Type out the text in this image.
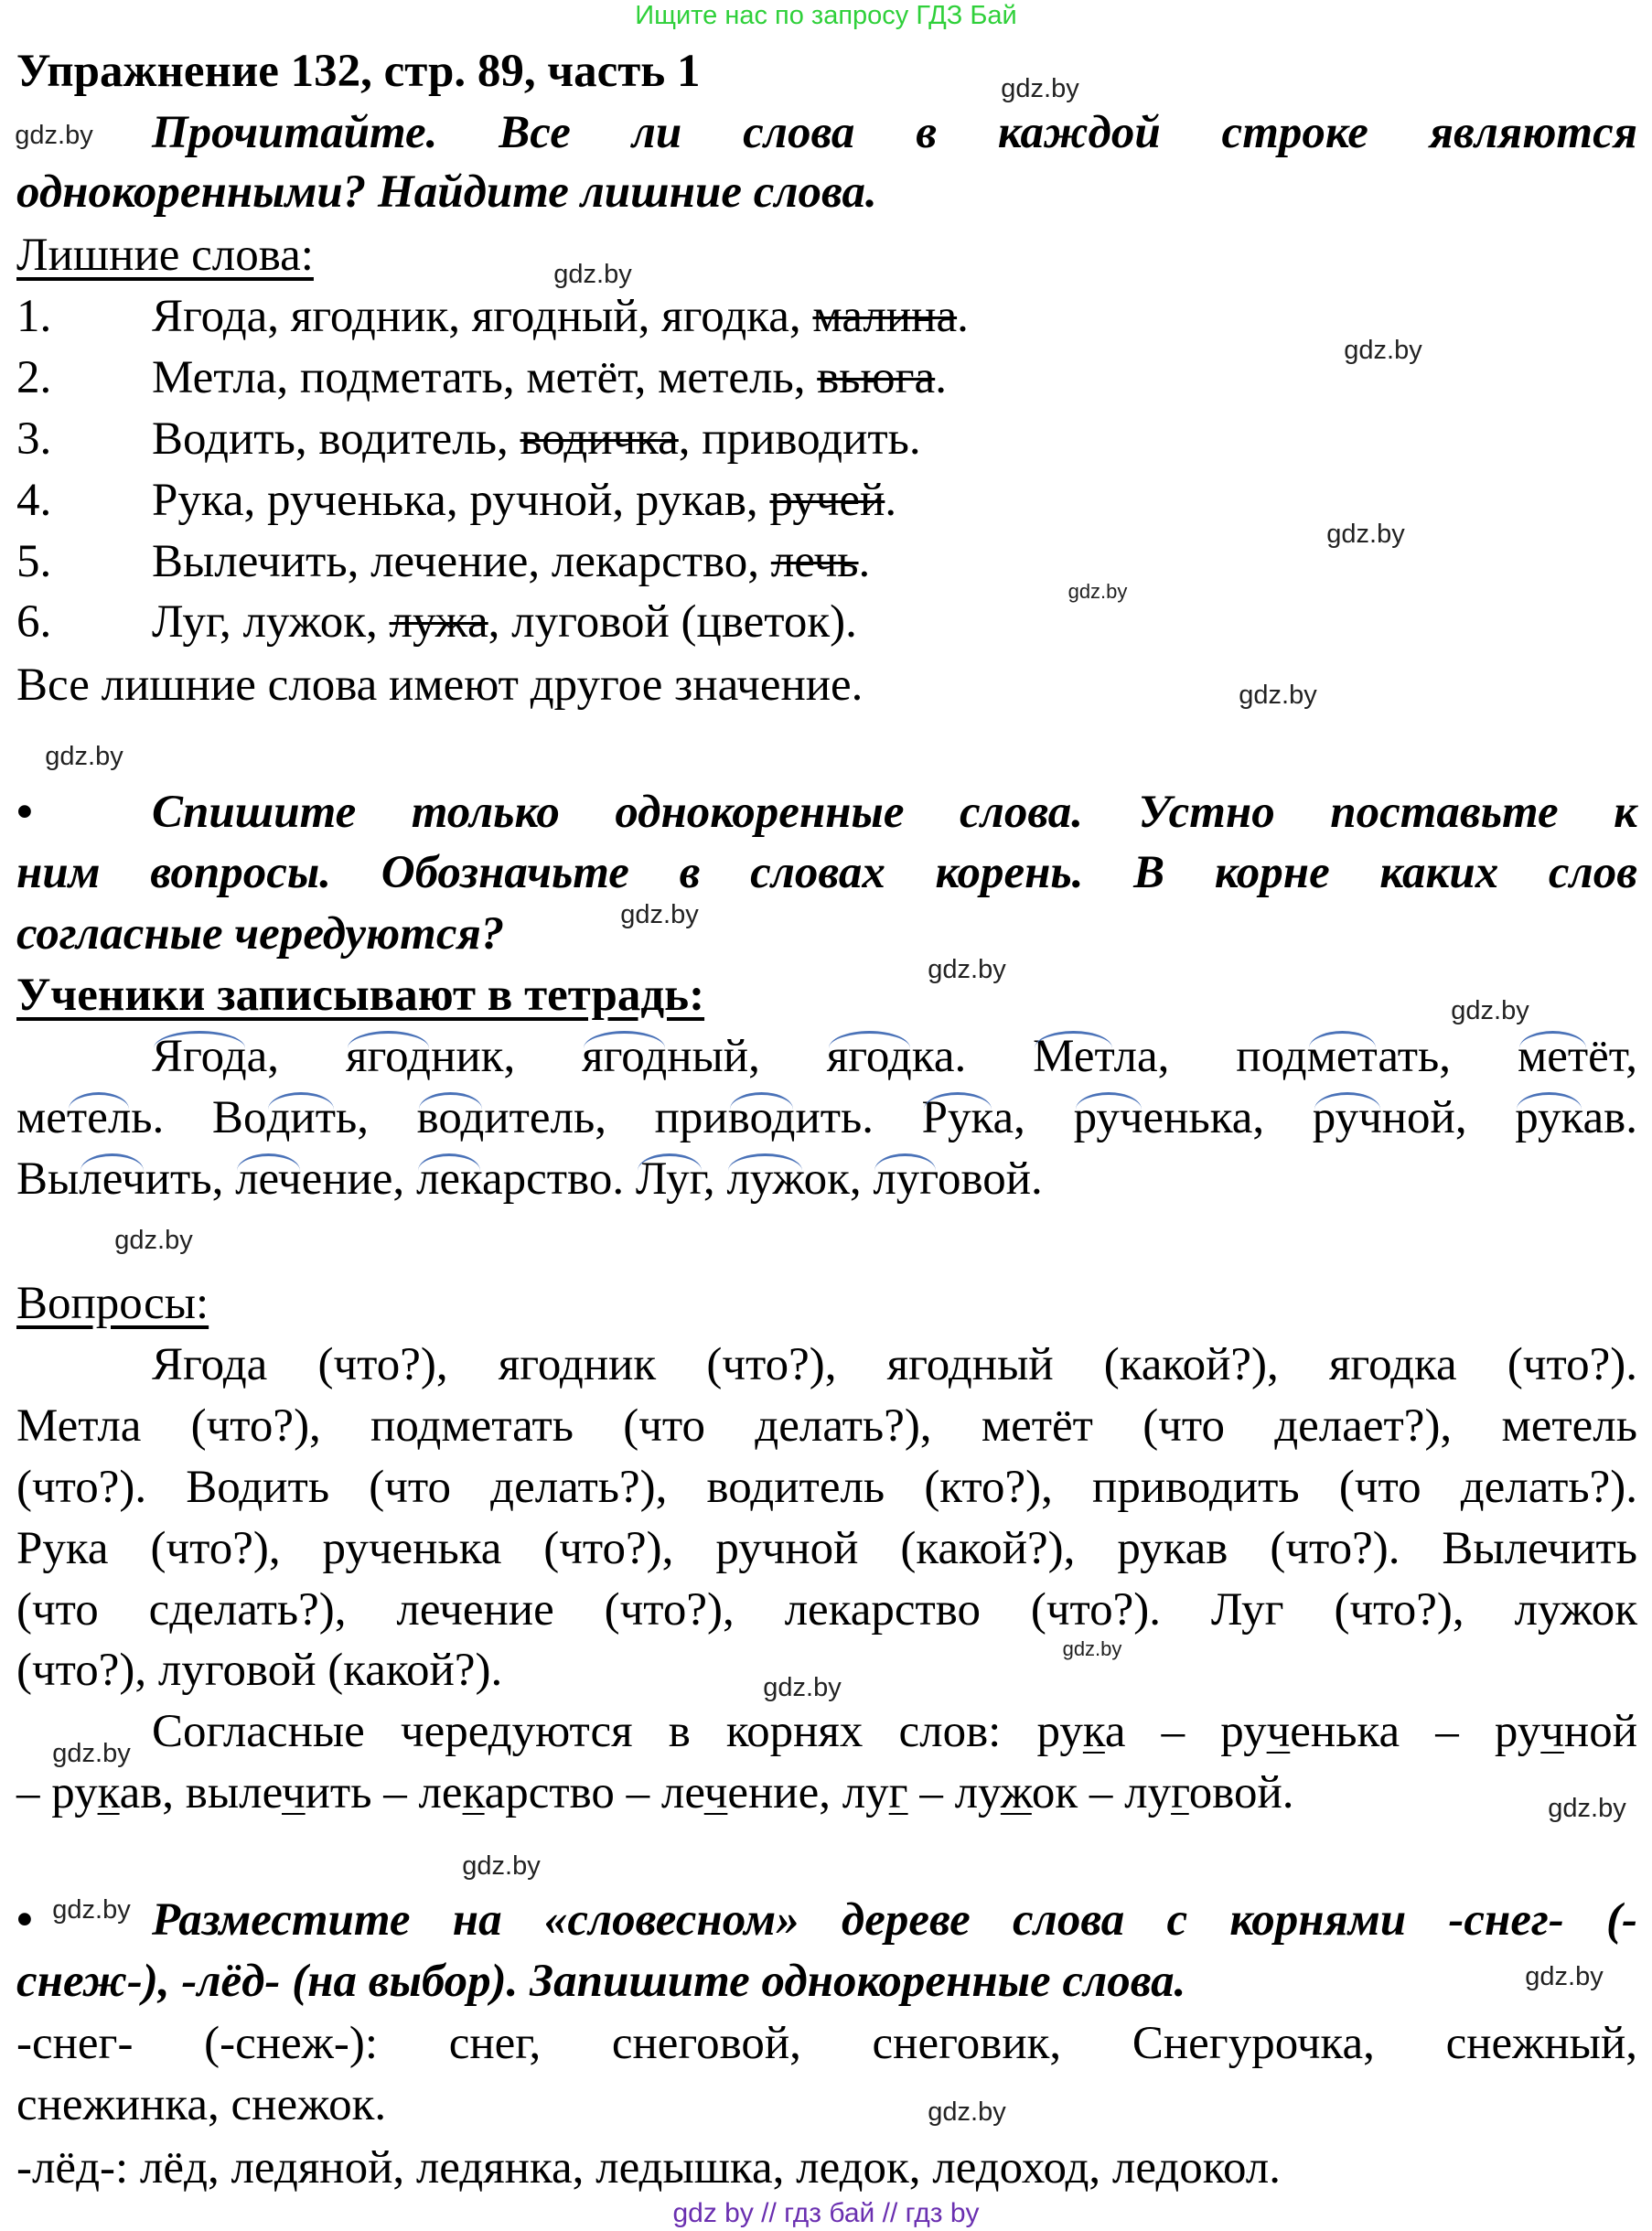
Ищите нас по запросу ГДЗ Бай
Упражнение 132, стр. 89, часть 1
Прочитайте. Все ли слова в каждой строке являются
однокоренными? Найдите лишние слова.
Лишние слова:
1. Ягода, ягодник, ягодный, ягодка, малина.
2. Метла, подметать, метёт, метель, вьюга.
3. Водить, водитель, водичка, приводить.
4. Рука, рученька, ручной, рукав, ручей.
5. Вылечить, лечение, лекарство, лечь.
6. Луг, лужок, лужа, луговой (цветок).
Все лишние слова имеют другое значение.
•	Спишите только однокоренные слова. Устно поставьте к
ним вопросы. Обозначьте в словах корень. В корне каких слов
согласные чередуются?
Ученики записывают в тетрадь:
Ягода, ягодник, ягодный, ягодка. Метла, подметать, метёт,
метель. Водить, водитель, приводить. Рука, рученька, ручной, рукав.
Вылечить, лечение, лекарство. Луг, лужок, луговой.
Вопросы:
Ягода (что?), ягодник (что?), ягодный (какой?), ягодка (что?).
Метла (что?), подметать (что делать?), метёт (что делает?), метель
(что?). Водить (что делать?), водитель (кто?), приводить (что делать?).
Рука (что?), рученька (что?), ручной (какой?), рукав (что?). Вылечить
(что сделать?), лечение (что?), лекарство (что?). Луг (что?), лужок
(что?), луговой (какой?).
Согласные чередуются в корнях слов: рука – рученька – ручной
– рукав, вылечить – лекарство – лечение, луг – лужок – луговой.
•	Разместите на «словесном» дереве слова с корнями -снег- (-
снеж-), -лёд- (на выбор). Запишите однокоренные слова.
-снег- (-снеж-): снег, снеговой, снеговик, Снегурочка, снежный,
снежинка, снежок.
-лёд-: лёд, ледяной, ледянка, ледышка, ледок, ледоход, ледокол.
gdz.by
gdz.by
gdz.by
gdz.by
gdz.by
gdz.by
gdz.by
gdz.by
gdz.by
gdz.by
gdz.by
gdz.by
gdz.by
gdz.by
gdz.by
gdz.by
gdz.by
gdz.by
gdz.by
gdz.by
gdz by // гдз бай // гдз by
